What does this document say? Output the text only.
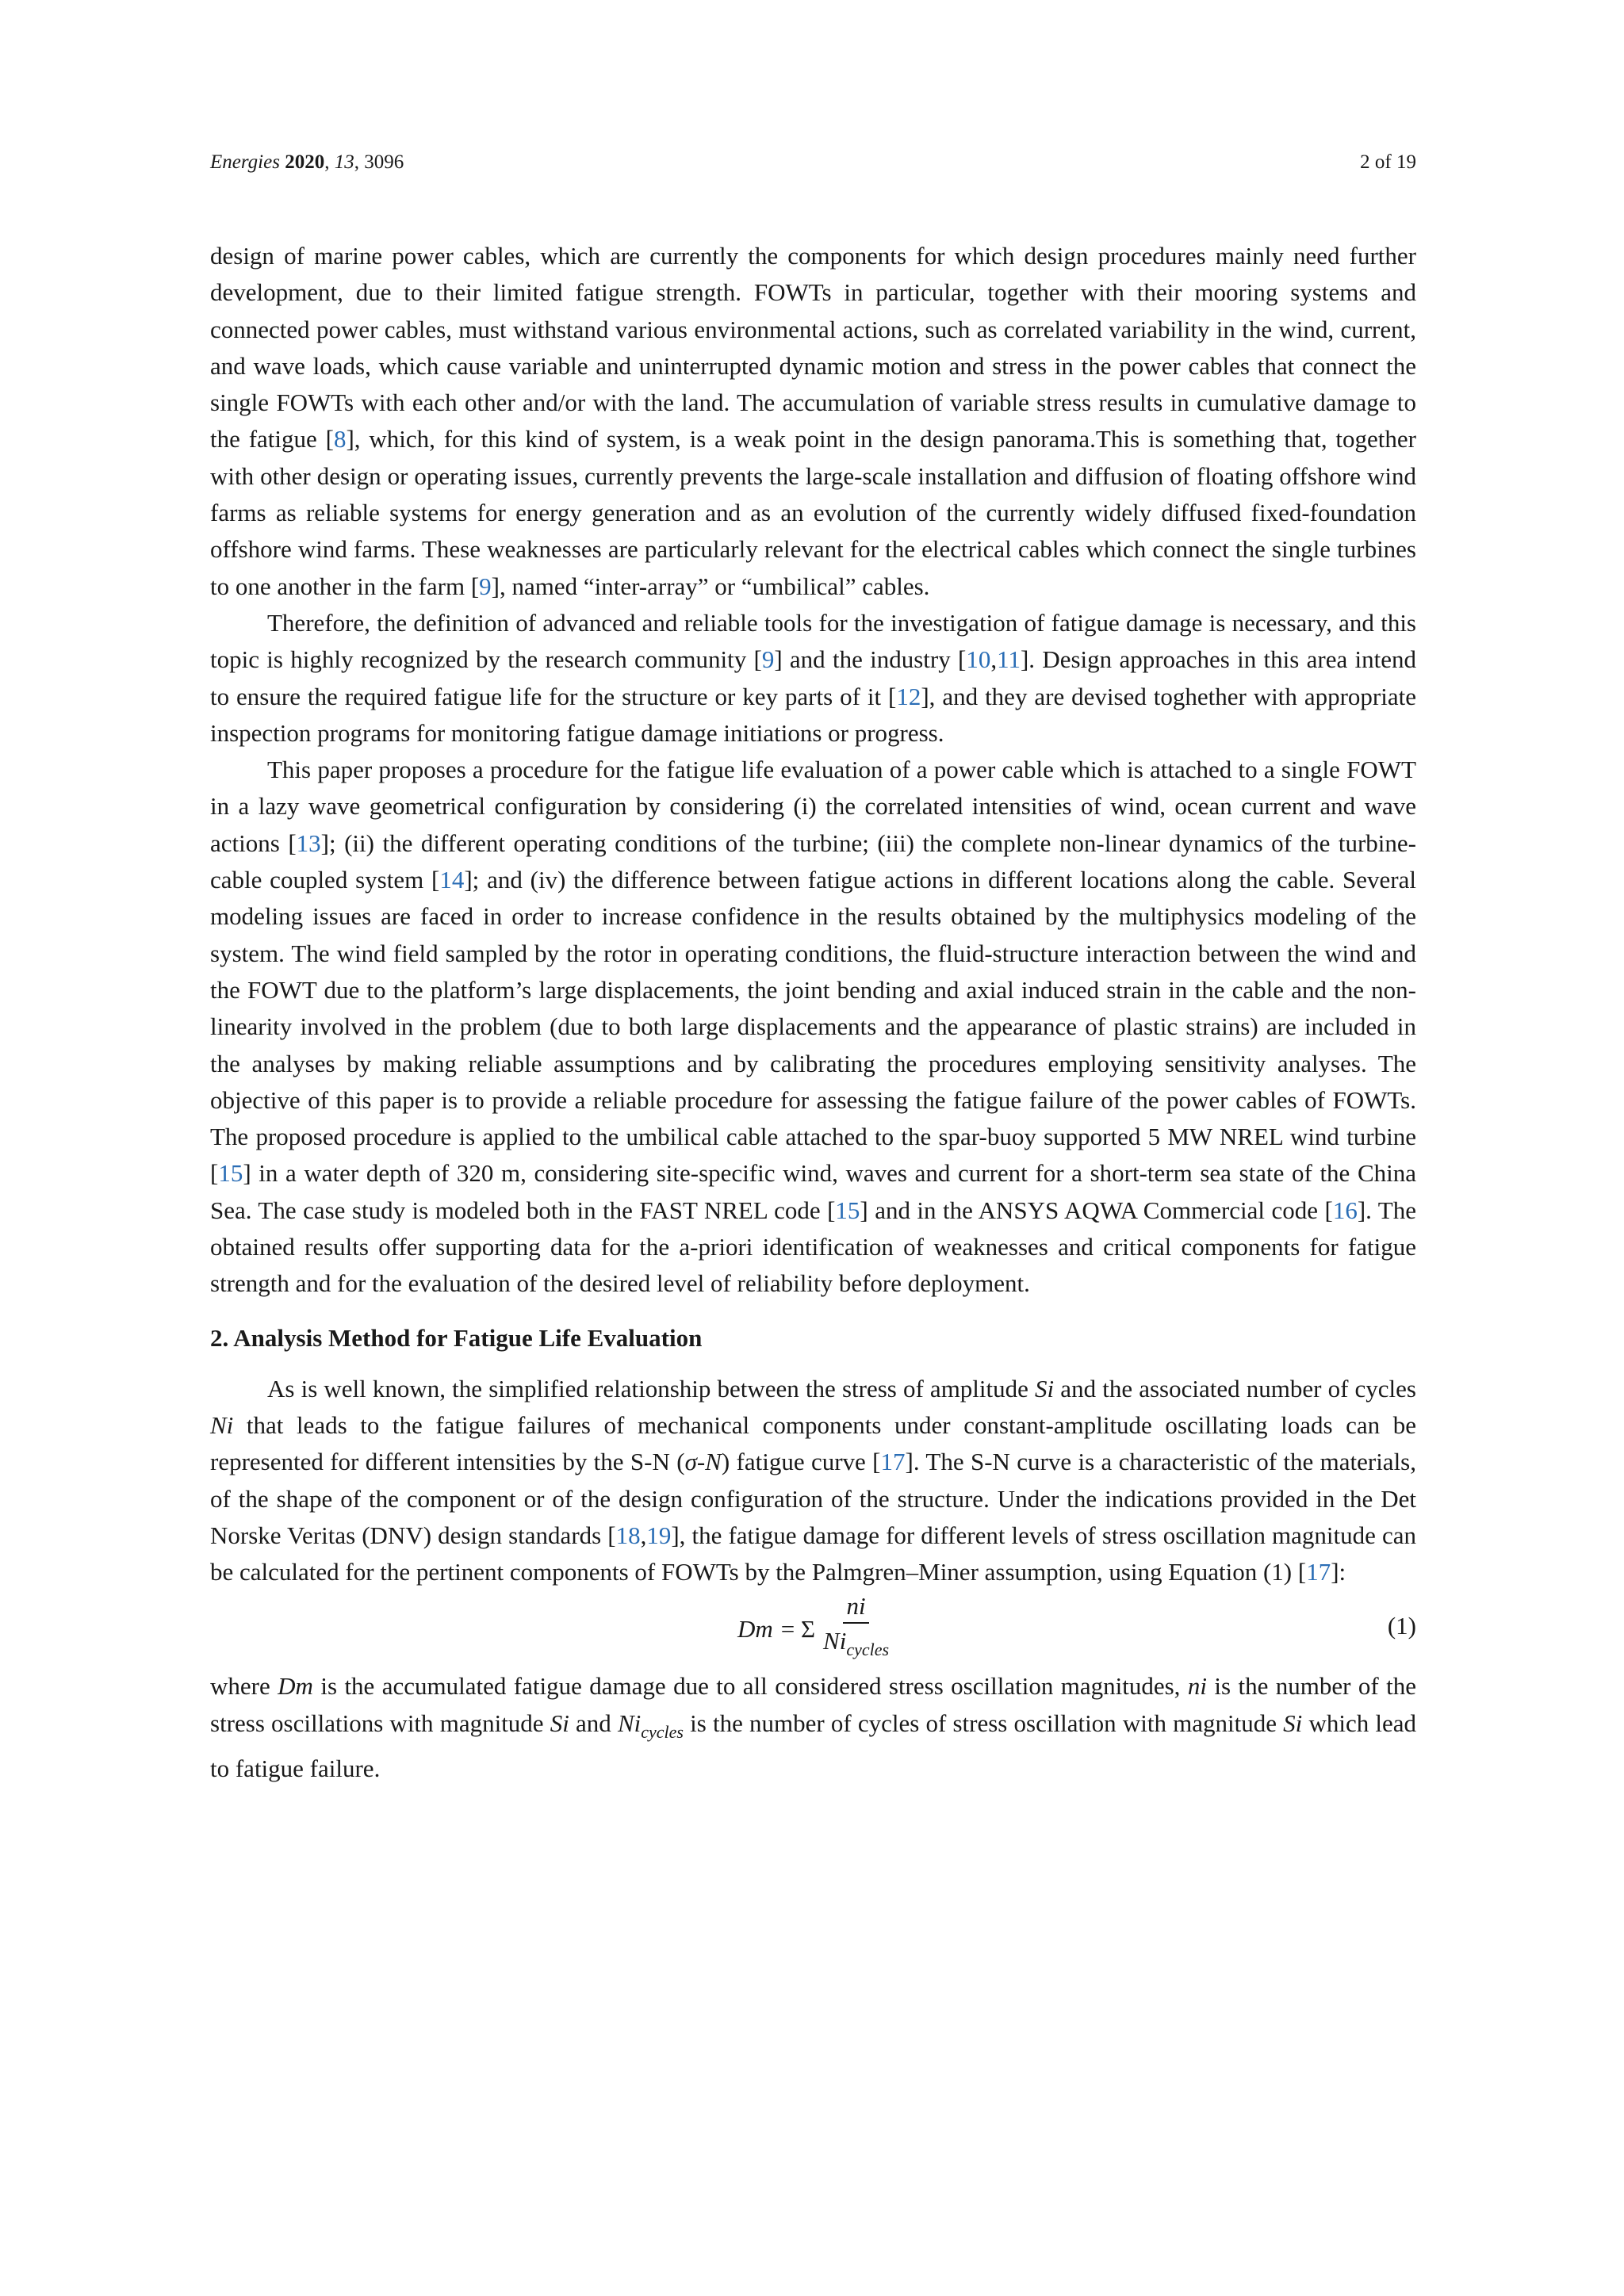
Energies 2020, 13, 3096	2 of 19

design of marine power cables, which are currently the components for which design procedures mainly need further development, due to their limited fatigue strength. FOWTs in particular, together with their mooring systems and connected power cables, must withstand various environmental actions, such as correlated variability in the wind, current, and wave loads, which cause variable and uninterrupted dynamic motion and stress in the power cables that connect the single FOWTs with each other and/or with the land. The accumulation of variable stress results in cumulative damage to the fatigue [8], which, for this kind of system, is a weak point in the design panorama.This is something that, together with other design or operating issues, currently prevents the large-scale installation and diffusion of floating offshore wind farms as reliable systems for energy generation and as an evolution of the currently widely diffused fixed-foundation offshore wind farms. These weaknesses are particularly relevant for the electrical cables which connect the single turbines to one another in the farm [9], named “inter-array” or “umbilical” cables.

Therefore, the definition of advanced and reliable tools for the investigation of fatigue damage is necessary, and this topic is highly recognized by the research community [9] and the industry [10,11]. Design approaches in this area intend to ensure the required fatigue life for the structure or key parts of it [12], and they are devised toghether with appropriate inspection programs for monitoring fatigue damage initiations or progress.

This paper proposes a procedure for the fatigue life evaluation of a power cable which is attached to a single FOWT in a lazy wave geometrical configuration by considering (i) the correlated intensities of wind, ocean current and wave actions [13]; (ii) the different operating conditions of the turbine; (iii) the complete non-linear dynamics of the turbine-cable coupled system [14]; and (iv) the difference between fatigue actions in different locations along the cable. Several modeling issues are faced in order to increase confidence in the results obtained by the multiphysics modeling of the system. The wind field sampled by the rotor in operating conditions, the fluid-structure interaction between the wind and the FOWT due to the platform’s large displacements, the joint bending and axial induced strain in the cable and the non-linearity involved in the problem (due to both large displacements and the appearance of plastic strains) are included in the analyses by making reliable assumptions and by calibrating the procedures employing sensitivity analyses. The objective of this paper is to provide a reliable procedure for assessing the fatigue failure of the power cables of FOWTs. The proposed procedure is applied to the umbilical cable attached to the spar-buoy supported 5 MW NREL wind turbine [15] in a water depth of 320 m, considering site-specific wind, waves and current for a short-term sea state of the China Sea. The case study is modeled both in the FAST NREL code [15] and in the ANSYS AQWA Commercial code [16]. The obtained results offer supporting data for the a-priori identification of weaknesses and critical components for fatigue strength and for the evaluation of the desired level of reliability before deployment.

2. Analysis Method for Fatigue Life Evaluation

As is well known, the simplified relationship between the stress of amplitude Si and the associated number of cycles Ni that leads to the fatigue failures of mechanical components under constant-amplitude oscillating loads can be represented for different intensities by the S-N (σ-N) fatigue curve [17]. The S-N curve is a characteristic of the materials, of the shape of the component or of the design configuration of the structure. Under the indications provided in the Det Norske Veritas (DNV) design standards [18,19], the fatigue damage for different levels of stress oscillation magnitude can be calculated for the pertinent components of FOWTs by the Palmgren–Miner assumption, using Equation (1) [17]:

Dm = Σ $\frac{ni}{Ni_{cycles}}$	(1)

where Dm is the accumulated fatigue damage due to all considered stress oscillation magnitudes, ni is the number of the stress oscillations with magnitude Si and $Ni_{cycles}$ is the number of cycles of stress oscillation with magnitude Si which lead to fatigue failure.
